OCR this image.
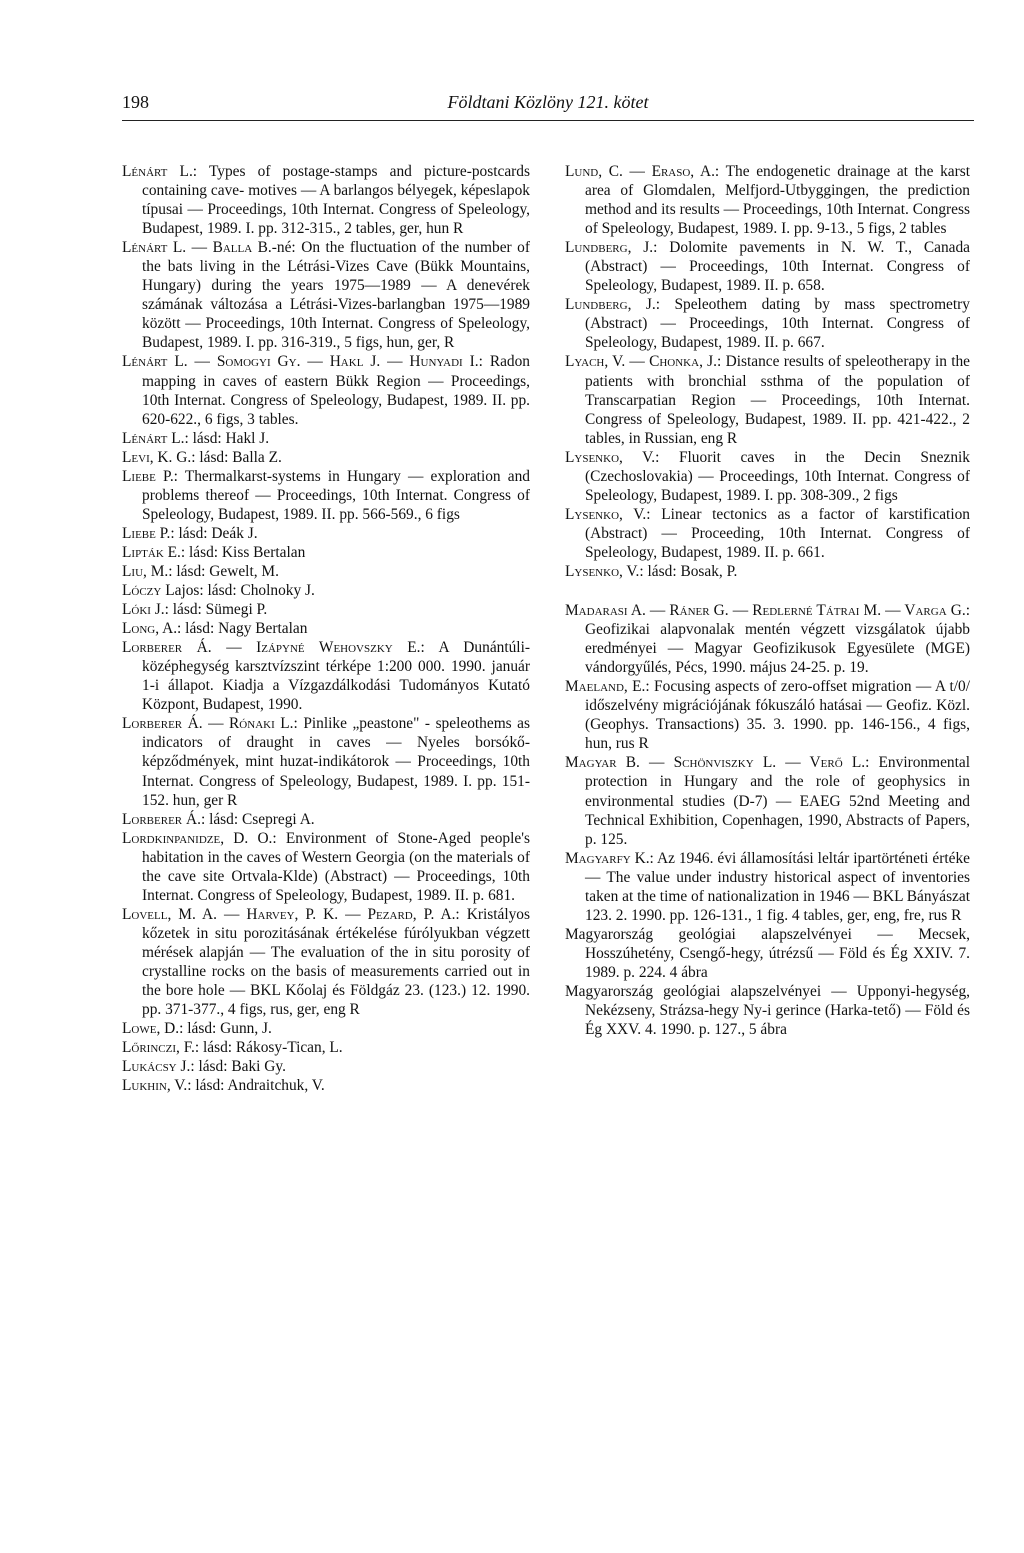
198	Földtani Közlöny 121. kötet

Lénárt L.: Types of postage-stamps and picture-postcards containing cave- motives — A barlangos bélyegek, képeslapok típusai — Proceedings, 10th Internat. Congress of Speleology, Budapest, 1989. I. pp. 312-315., 2 tables, ger, hun R

Lénárt L. — Balla B.-né: On the fluctuation of the number of the bats living in the Létrási-Vizes Cave (Bükk Mountains, Hungary) during the years 1975—1989 — A denevérek számának változása a Létrási-Vizes-barlangban 1975—1989 között — Proceedings, 10th Internat. Congress of Speleology, Budapest, 1989. I. pp. 316-319., 5 figs, hun, ger, R

Lénárt L. — Somogyi Gy. — Hakl J. — Hunyadi I.: Radon mapping in caves of eastern Bükk Region — Proceedings, 10th Internat. Congress of Speleology, Budapest, 1989. II. pp. 620-622., 6 figs, 3 tables.

Lénárt L.: lásd: Hakl J.

Levi, K. G.: lásd: Balla Z.

Liebe P.: Thermalkarst-systems in Hungary — exploration and problems thereof — Proceedings, 10th Internat. Congress of Speleology, Budapest, 1989. II. pp. 566-569., 6 figs

Liebe P.: lásd: Deák J.

Lipták E.: lásd: Kiss Bertalan

Liu, M.: lásd: Gewelt, M.

Lóczy Lajos: lásd: Cholnoky J.

Lóki J.: lásd: Sümegi P.

Long, A.: lásd: Nagy Bertalan

Lorberer Á. — Izápyné Wehovszky E.: A Dunántúli-középhegység karsztvízszint térképe 1:200 000. 1990. január 1-i állapot. Kiadja a Vízgazdálkodási Tudományos Kutató Központ, Budapest, 1990.

Lorberer Á. — Rónaki L.: Pinlike „peastone" - speleothems as indicators of draught in caves — Nyeles borsókő-képződmények, mint huzat-indikátorok — Proceedings, 10th Internat. Congress of Speleology, Budapest, 1989. I. pp. 151-152. hun, ger R

Lorberer Á.: lásd: Csepregi A.

Lordkinpanidze, D. O.: Environment of Stone-Aged people's habitation in the caves of Western Georgia (on the materials of the cave site Ortvala-Klde) (Abstract) — Proceedings, 10th Internat. Congress of Speleology, Budapest, 1989. II. p. 681.

Lovell, M. A. — Harvey, P. K. — Pezard, P. A.: Kristályos kőzetek in situ porozitásának értékelése fúrólyukban végzett mérések alapján — The evaluation of the in situ porosity of crystalline rocks on the basis of measurements carried out in the bore hole — BKL Kőolaj és Földgáz 23. (123.) 12. 1990. pp. 371-377., 4 figs, rus, ger, eng R

Lowe, D.: lásd: Gunn, J.

Lőrinczi, F.: lásd: Rákosy-Tican, L.

Lukácsy J.: lásd: Baki Gy.

Lukhin, V.: lásd: Andraitchuk, V.

Lund, C. — Eraso, A.: The endogenetic drainage at the karst area of Glomdalen, Melfjord-Utbyggingen, the prediction method and its results — Proceedings, 10th Internat. Congress of Speleology, Budapest, 1989. I. pp. 9-13., 5 figs, 2 tables

Lundberg, J.: Dolomite pavements in N. W. T., Canada (Abstract) — Proceedings, 10th Internat. Congress of Speleology, Budapest, 1989. II. p. 658.

Lundberg, J.: Speleothem dating by mass spectrometry (Abstract) — Proceedings, 10th Internat. Congress of Speleology, Budapest, 1989. II. p. 667.

Lyach, V. — Chonka, J.: Distance results of speleotherapy in the patients with bronchial ssthma of the population of Transcarpatian Region — Proceedings, 10th Internat. Congress of Speleology, Budapest, 1989. II. pp. 421-422., 2 tables, in Russian, eng R

Lysenko, V.: Fluorit caves in the Decin Sneznik (Czechoslovakia) — Proceedings, 10th Internat. Congress of Speleology, Budapest, 1989. I. pp. 308-309., 2 figs

Lysenko, V.: Linear tectonics as a factor of karstification (Abstract) — Proceeding, 10th Internat. Congress of Speleology, Budapest, 1989. II. p. 661.

Lysenko, V.: lásd: Bosak, P.

Madarasi A. — Ráner G. — Redlerné Tátrai M. — Varga G.: Geofizikai alapvonalak mentén végzett vizsgálatok újabb eredményei — Magyar Geofizikusok Egyesülete (MGE) vándorgyűlés, Pécs, 1990. május 24-25. p. 19.

Maeland, E.: Focusing aspects of zero-offset migration — A t/0/ időszelvény migrációjának fókuszáló hatásai — Geofiz. Közl. (Geophys. Transactions) 35. 3. 1990. pp. 146-156., 4 figs, hun, rus R

Magyar B. — Schönviszky L. — Verő L.: Environmental protection in Hungary and the role of geophysics in environmental studies (D-7) — EAEG 52nd Meeting and Technical Exhibition, Copenhagen, 1990, Abstracts of Papers, p. 125.

Magyarfy K.: Az 1946. évi államosítási leltár ipartörténeti értéke — The value under industry historical aspect of inventories taken at the time of nationalization in 1946 — BKL Bányászat 123. 2. 1990. pp. 126-131., 1 fig. 4 tables, ger, eng, fre, rus R

Magyarország geológiai alapszelvényei — Mecsek, Hosszúhetény, Csengő-hegy, útrézsű — Föld és Ég XXIV. 7. 1989. p. 224. 4 ábra

Magyarország geológiai alapszelvényei — Upponyi-hegység, Nekézseny, Strázsa-hegy Ny-i gerince (Harka-tető) — Föld és Ég XXV. 4. 1990. p. 127., 5 ábra
